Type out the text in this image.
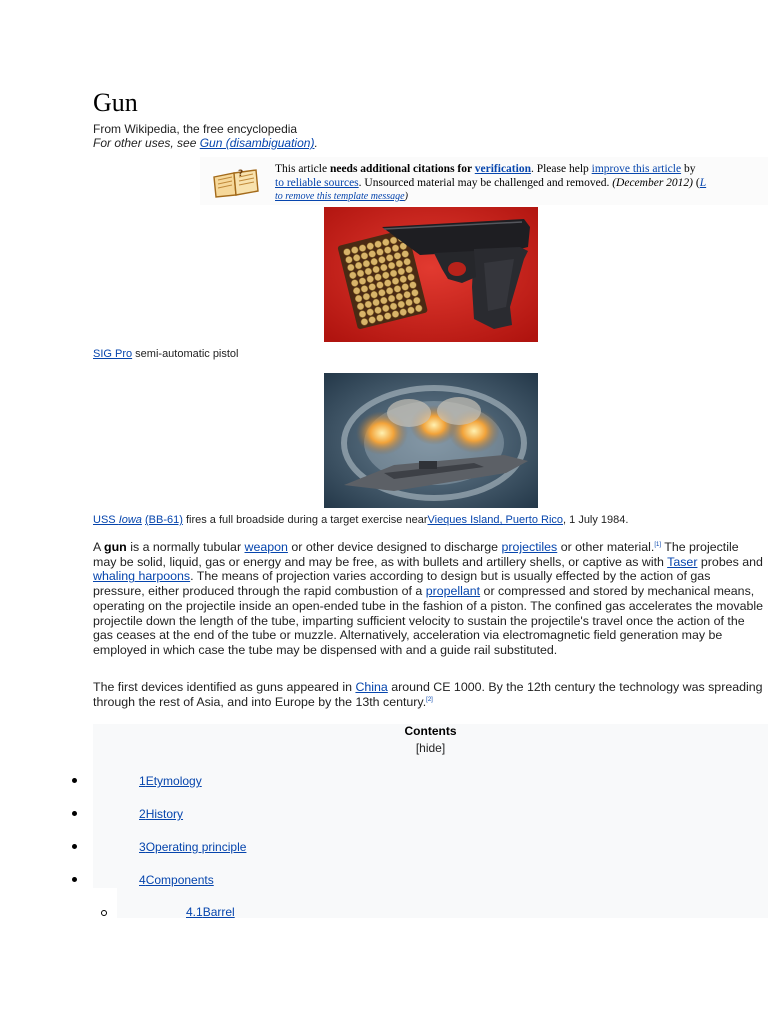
Gun
From Wikipedia, the free encyclopedia
For other uses, see Gun (disambiguation).
?	This article needs additional citations for verification. Please help improve this article by
to reliable sources. Unsourced material may be challenged and removed. (December 2012) (L
to remove this template message)
SIG Pro semi-automatic pistol
USS Iowa (BB-61) fires a full broadside during a target exercise nearVieques Island, Puerto Rico, 1 July 1984.

A gun is a normally tubular weapon or other device designed to discharge projectiles or other material.[1] The projectile may be solid, liquid, gas or energy and may be free, as with bullets and artillery shells, or captive as with Taser probes and whaling harpoons. The means of projection varies according to design but is usually effected by the action of gas pressure, either produced through the rapid combustion of a propellant or compressed and stored by mechanical means, operating on the projectile inside an open-ended tube in the fashion of a piston. The confined gas accelerates the movable projectile down the length of the tube, imparting sufficient velocity to sustain the projectile's travel once the action of the gas ceases at the end of the tube or muzzle. Alternatively, acceleration via electromagnetic field generation may be employed in which case the tube may be dispensed with and a guide rail substituted.

The first devices identified as guns appeared in China around CE 1000. By the 12th century the technology was spreading through the rest of Asia, and into Europe by the 13th century.[2]

Contents
[hide]
1Etymology
2History
3Operating principle
4Components
4.1Barrel
